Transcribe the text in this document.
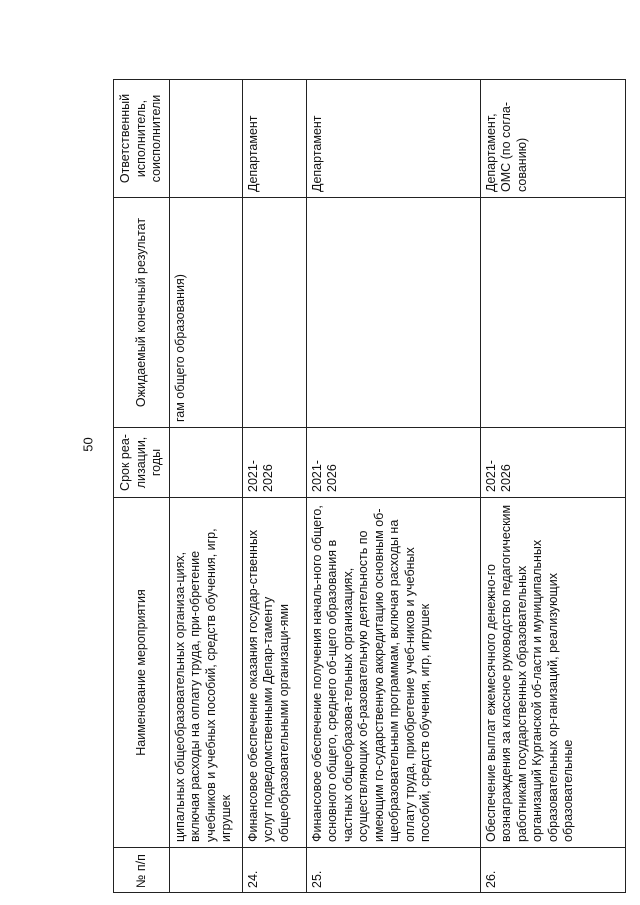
50
№ п/п	Наименование мероприятия	Срок реа-лизации, годы	Ожидаемый конечный результат	Ответственный исполнитель, соисполнители
	ципальных общеобразовательных организа-циях, включая расходы на оплату труда, при-обретение учебников и учебных пособий, средств обучения, игр, игрушек		гам общего образования)	
24.	Финансовое обеспечение оказания государ-ственных услуг подведомственными Депар-таменту общеобразовательными организаци-ями	2021-2026		Департамент
25.	Финансовое обеспечение получения началь-ного общего, основного общего, среднего об-щего образования в частных общеобразова-тельных организациях, осуществляющих об-разовательную деятельность по имеющим го-сударственную аккредитацию основным об-щеобразовательным программам, включая расходы на оплату труда, приобретение учеб-ников и учебных пособий, средств обучения, игр, игрушек	2021-2026		Департамент
26.	Обеспечение выплат ежемесячного денежно-го вознаграждения за классное руководство педагогическим работникам государственных образовательных организаций Курганской об-ласти и муниципальных образовательных ор-ганизаций, реализующих образовательные	2021-2026		Департамент, ОМС (по согла-сованию)
